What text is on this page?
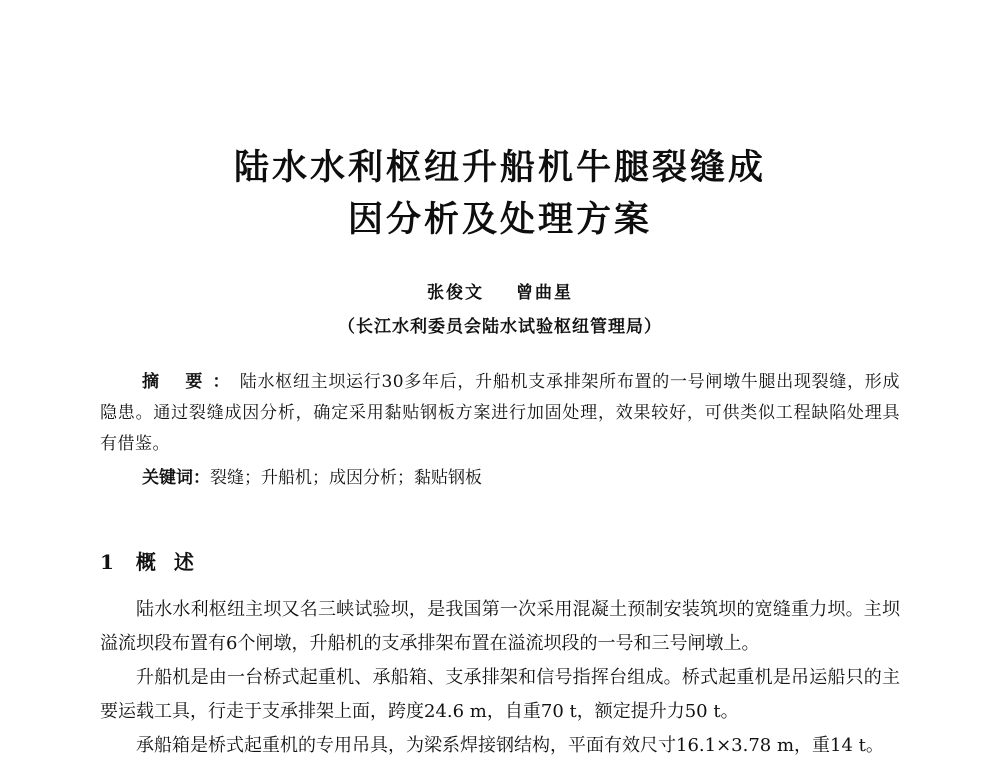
陆水水利枢纽升船机牛腿裂缝成
因分析及处理方案
张俊文 曾曲星
（长江水利委员会陆水试验枢纽管理局）
摘 要：陆水枢纽主坝运行30多年后，升船机支承排架所布置的一号闸墩牛腿出现裂缝，形成隐患。通过裂缝成因分析，确定采用黏贴钢板方案进行加固处理，效果较好，可供类似工程缺陷处理具有借鉴。
关键词：裂缝；升船机；成因分析；黏贴钢板
1 概述

陆水水利枢纽主坝又名三峡试验坝，是我国第一次采用混凝土预制安装筑坝的宽缝重力坝。主坝溢流坝段布置有6个闸墩，升船机的支承排架布置在溢流坝段的一号和三号闸墩上。

升船机是由一台桥式起重机、承船箱、支承排架和信号指挥台组成。桥式起重机是吊运船只的主要运载工具，行走于支承排架上面，跨度24.6 m，自重70 t，额定提升力50 t。

承船箱是桥式起重机的专用吊具，为梁系焊接钢结构，平面有效尺寸16.1×3.78 m，重14 t。
